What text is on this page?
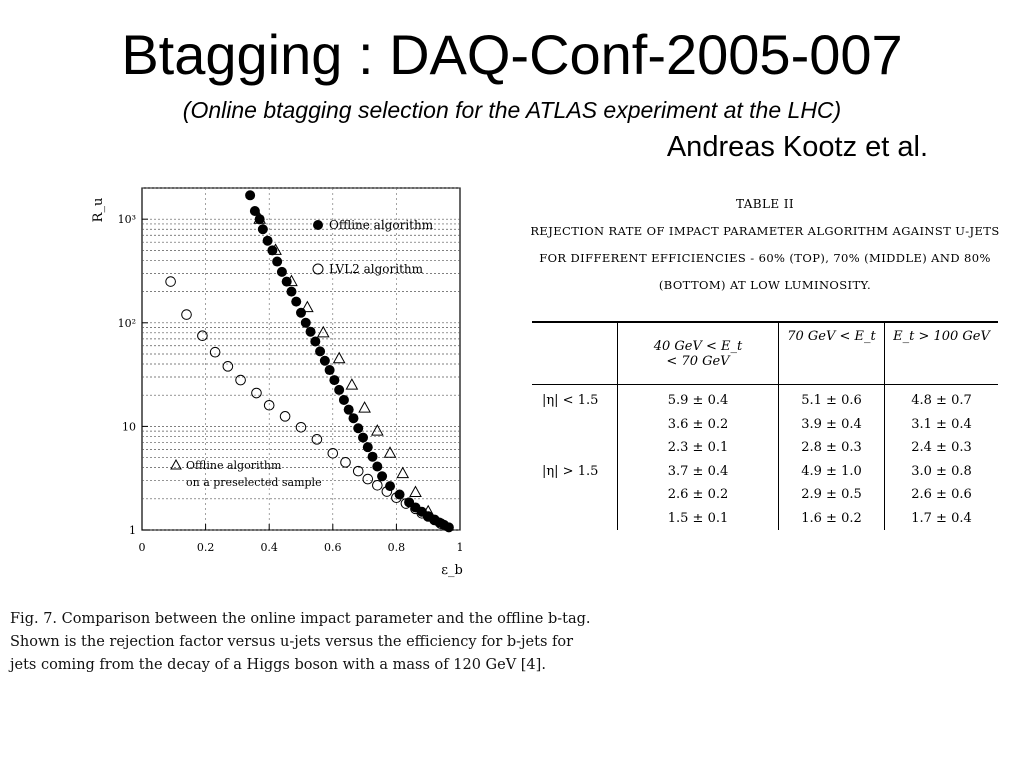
Btagging : DAQ-Conf-2005-007
(Online btagging selection for the ATLAS experiment at the LHC)
Andreas Kootz et al.
1
10
10²
10³
0	0.2	0.4	0.6	0.8	1
R_u
ε_b
Offline algorithm
LVL2 algorithm
Offline algorithm
on a preselected sample
TABLE II
REJECTION RATE OF IMPACT PARAMETER ALGORITHM AGAINST U-JETS
FOR DIFFERENT EFFICIENCIES - 60% (TOP), 70% (MIDDLE) AND 80%
(BOTTOM) AT LOW LUMINOSITY.
	40 GeV < E_t
< 70 GeV	70 GeV < E_t	E_t > 100 GeV
|η| < 1.5	5.9 ± 0.4	5.1 ± 0.6	4.8 ± 0.7
	3.6 ± 0.2	3.9 ± 0.4	3.1 ± 0.4
	2.3 ± 0.1	2.8 ± 0.3	2.4 ± 0.3
|η| > 1.5	3.7 ± 0.4	4.9 ± 1.0	3.0 ± 0.8
	2.6 ± 0.2	2.9 ± 0.5	2.6 ± 0.6
	1.5 ± 0.1	1.6 ± 0.2	1.7 ± 0.4
Fig. 7. Comparison between the online impact parameter and the offline b-tag.
Shown is the rejection factor versus u-jets versus the efficiency for b-jets for
jets coming from the decay of a Higgs boson with a mass of 120 GeV [4].
